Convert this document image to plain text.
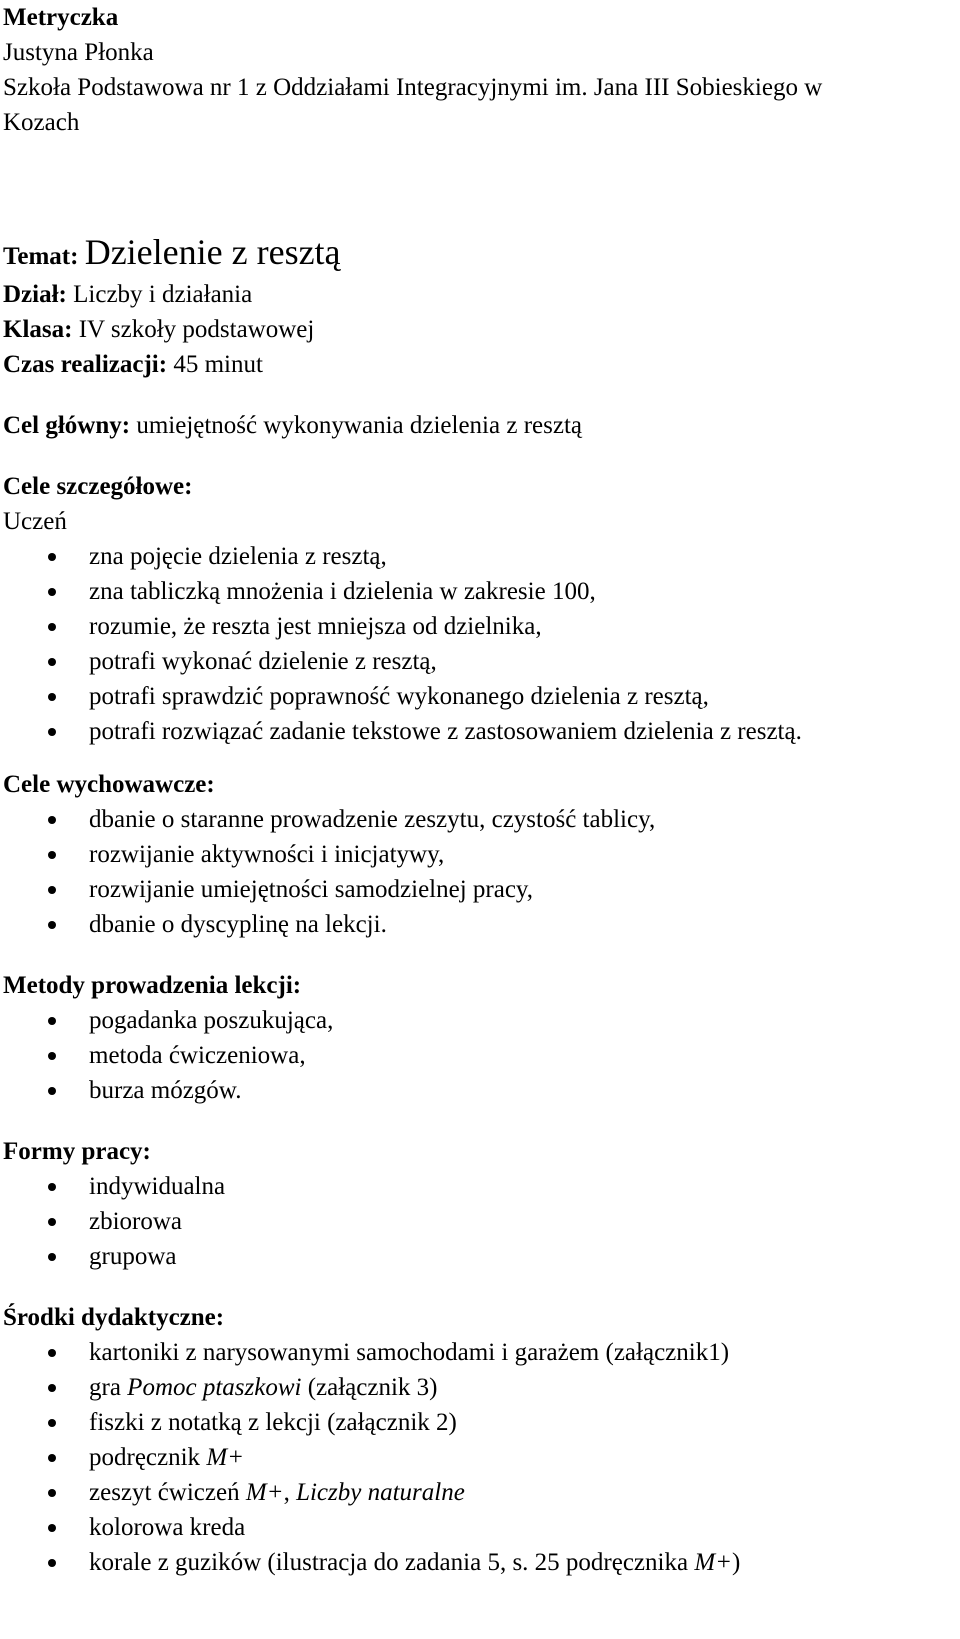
Metryczka

Justyna Płonka

Szkoła Podstawowa nr 1 z Oddziałami Integracyjnymi im. Jana III Sobieskiego w

Kozach

Temat: Dzielenie z resztą

Dział: Liczby i działania

Klasa: IV szkoły podstawowej

Czas realizacji: 45 minut

Cel główny: umiejętność wykonywania dzielenia z resztą

Cele szczegółowe:

Uczeń

zna pojęcie dzielenia z resztą,
zna tabliczką mnożenia i dzielenia w zakresie 100,
rozumie, że reszta jest mniejsza od dzielnika,
potrafi wykonać dzielenie z resztą,
potrafi sprawdzić poprawność wykonanego dzielenia z resztą,
potrafi rozwiązać zadanie tekstowe z zastosowaniem dzielenia z resztą.

Cele wychowawcze:

dbanie o staranne prowadzenie zeszytu, czystość tablicy,
rozwijanie aktywności i inicjatywy,
rozwijanie umiejętności samodzielnej pracy,
dbanie o dyscyplinę na lekcji.

Metody prowadzenia lekcji:

pogadanka poszukująca,
metoda ćwiczeniowa,
burza mózgów.

Formy pracy:

indywidualna
zbiorowa
grupowa

Środki dydaktyczne:

kartoniki z narysowanymi samochodami i garażem (załącznik1)
gra Pomoc ptaszkowi (załącznik 3)
fiszki z notatką z lekcji (załącznik 2)
podręcznik M+
zeszyt ćwiczeń M+, Liczby naturalne
kolorowa kreda
korale z guzików (ilustracja do zadania 5, s. 25 podręcznika M+)
